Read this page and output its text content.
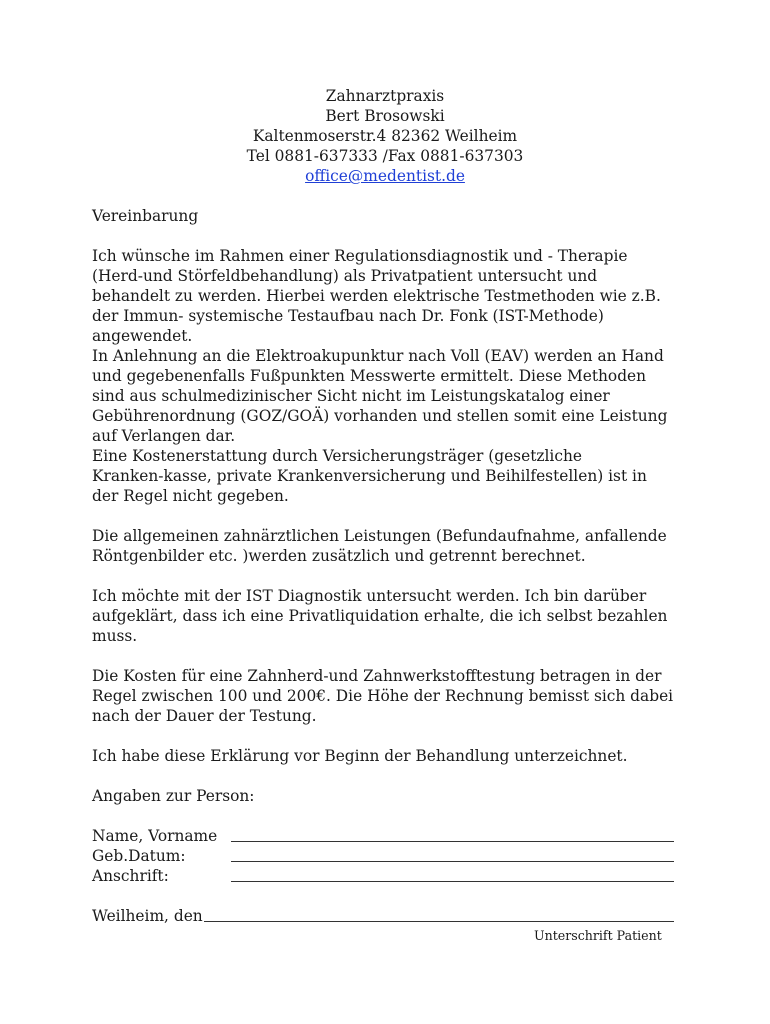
Zahnarztpraxis
Bert Brosowski
Kaltenmoserstr.4 82362 Weilheim
Tel 0881-637333 /Fax 0881-637303
office@medentist.de
Vereinbarung
Ich wünsche im Rahmen einer Regulationsdiagnostik und - Therapie
(Herd-und Störfeldbehandlung) als Privatpatient untersucht und
behandelt zu werden. Hierbei werden elektrische Testmethoden wie z.B.
der Immun- systemische Testaufbau nach Dr. Fonk (IST-Methode)
angewendet.
In Anlehnung an die Elektroakupunktur nach Voll (EAV) werden an Hand
und gegebenenfalls Fußpunkten Messwerte ermittelt. Diese Methoden
sind aus schulmedizinischer Sicht nicht im Leistungskatalog einer
Gebührenordnung (GOZ/GOÄ) vorhanden und stellen somit eine Leistung
auf Verlangen dar.
Eine Kostenerstattung durch Versicherungsträger (gesetzliche
Kranken-kasse, private Krankenversicherung und Beihilfestellen) ist in
der Regel nicht gegeben.
Die allgemeinen zahnärztlichen Leistungen (Befundaufnahme, anfallende
Röntgenbilder etc. )werden zusätzlich und getrennt berechnet.
Ich möchte mit der IST Diagnostik untersucht werden. Ich bin darüber
aufgeklärt, dass ich eine Privatliquidation erhalte, die ich selbst bezahlen
muss.
Die Kosten für eine Zahnherd-und Zahnwerkstofftestung betragen in der
Regel zwischen 100 und 200€. Die Höhe der Rechnung bemisst sich dabei
nach der Dauer der Testung.
Ich habe diese Erklärung vor Beginn der Behandlung unterzeichnet.
Angaben zur Person:
Name, Vorname
Geb.Datum:
Anschrift:
Weilheim, den
Unterschrift Patient
